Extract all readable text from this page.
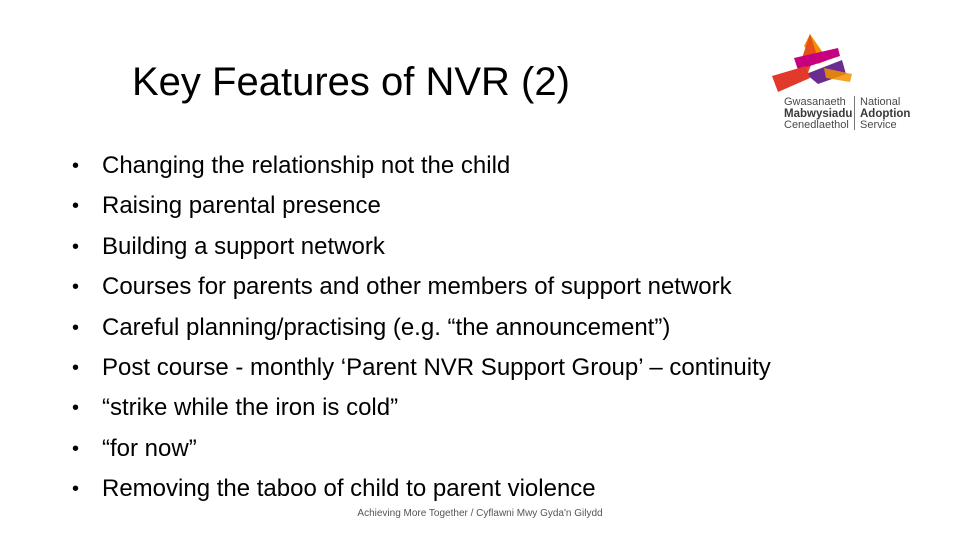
Key Features of NVR (2)	Gwasanaeth
Mabwysiadu
Cenedlaethol
National
Adoption
Service
• Changing the relationship not the child
• Raising parental presence
• Building a support network
• Courses for parents and other members of support network
• Careful planning/practising (e.g. “the announcement”)
• Post course - monthly ‘Parent NVR Support Group’ – continuity
• “strike while the iron is cold”
• “for now”
• Removing the taboo of child to parent violence
Achieving More Together / Cyflawni Mwy Gyda'n Gilydd
